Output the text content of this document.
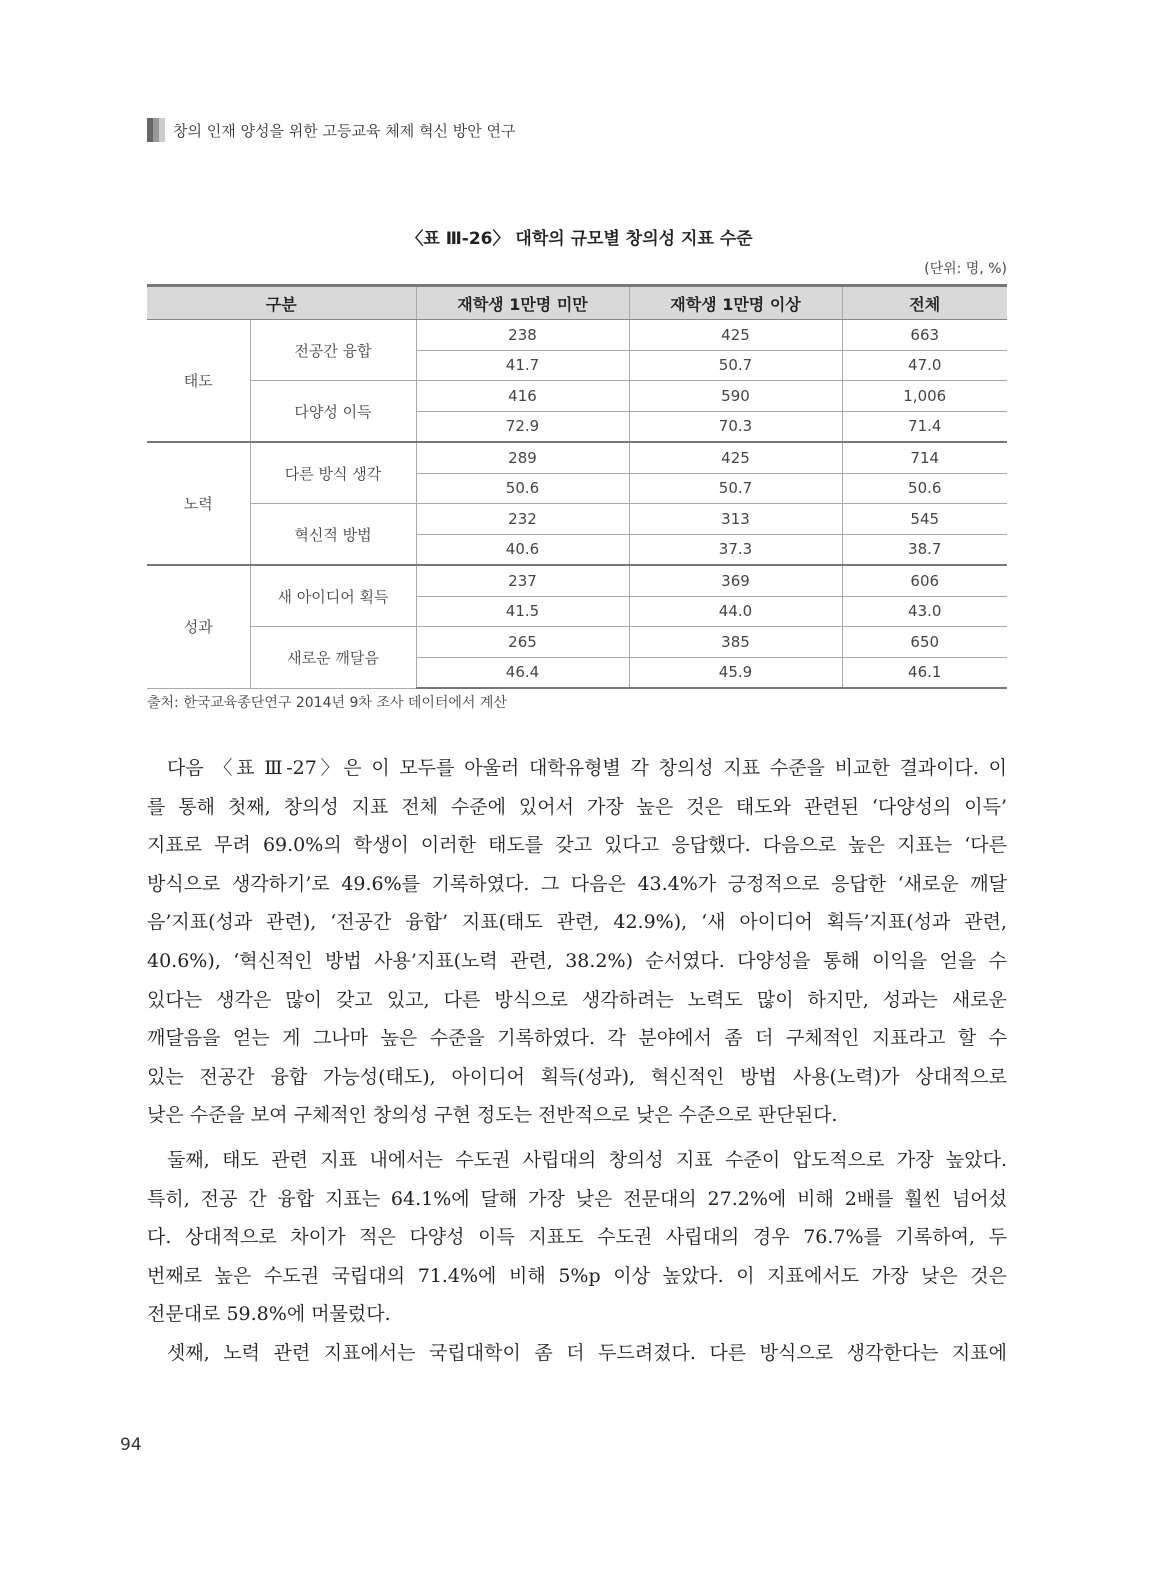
창의 인재 양성을 위한 고등교육 체제 혁신 방안 연구
〈표 Ⅲ-26〉 대학의 규모별 창의성 지표 수준
(단위: 명, %)
구분		재학생 1만명 미만	재학생 1만명 이상	전체
태도	전공간 융합	238	425	663
		41.7	50.7	47.0
	다양성 이득	416	590	1,006
		72.9	70.3	71.4
노력	다른 방식 생각	289	425	714
		50.6	50.7	50.6
	혁신적 방법	232	313	545
		40.6	37.3	38.7
성과	새 아이디어 획득	237	369	606
		41.5	44.0	43.0
	새로운 깨달음	265	385	650
		46.4	45.9	46.1
출처: 한국교육종단연구 2014년 9차 조사 데이터에서 계산
다음 〈표 Ⅲ-27〉은 이 모두를 아울러 대학유형별 각 창의성 지표 수준을 비교한 결과이다. 이
를 통해 첫째, 창의성 지표 전체 수준에 있어서 가장 높은 것은 태도와 관련된 ‘다양성의 이득’
지표로 무려 69.0%의 학생이 이러한 태도를 갖고 있다고 응답했다. 다음으로 높은 지표는 ‘다른
방식으로 생각하기’로 49.6%를 기록하였다. 그 다음은 43.4%가 긍정적으로 응답한 ‘새로운 깨달
음’지표(성과 관련), ‘전공간 융합’ 지표(태도 관련, 42.9%), ‘새 아이디어 획득’지표(성과 관련,
40.6%), ‘혁신적인 방법 사용’지표(노력 관련, 38.2%) 순서였다. 다양성을 통해 이익을 얻을 수
있다는 생각은 많이 갖고 있고, 다른 방식으로 생각하려는 노력도 많이 하지만, 성과는 새로운
깨달음을 얻는 게 그나마 높은 수준을 기록하였다. 각 분야에서 좀 더 구체적인 지표라고 할 수
있는 전공간 융합 가능성(태도), 아이디어 획득(성과), 혁신적인 방법 사용(노력)가 상대적으로
낮은 수준을 보여 구체적인 창의성 구현 정도는 전반적으로 낮은 수준으로 판단된다.
둘째, 태도 관련 지표 내에서는 수도권 사립대의 창의성 지표 수준이 압도적으로 가장 높았다.
특히, 전공 간 융합 지표는 64.1%에 달해 가장 낮은 전문대의 27.2%에 비해 2배를 훨씬 넘어섰
다. 상대적으로 차이가 적은 다양성 이득 지표도 수도권 사립대의 경우 76.7%를 기록하여, 두
번째로 높은 수도권 국립대의 71.4%에 비해 5%p 이상 높았다. 이 지표에서도 가장 낮은 것은
전문대로 59.8%에 머물렀다.
셋째, 노력 관련 지표에서는 국립대학이 좀 더 두드려졌다. 다른 방식으로 생각한다는 지표에
94
